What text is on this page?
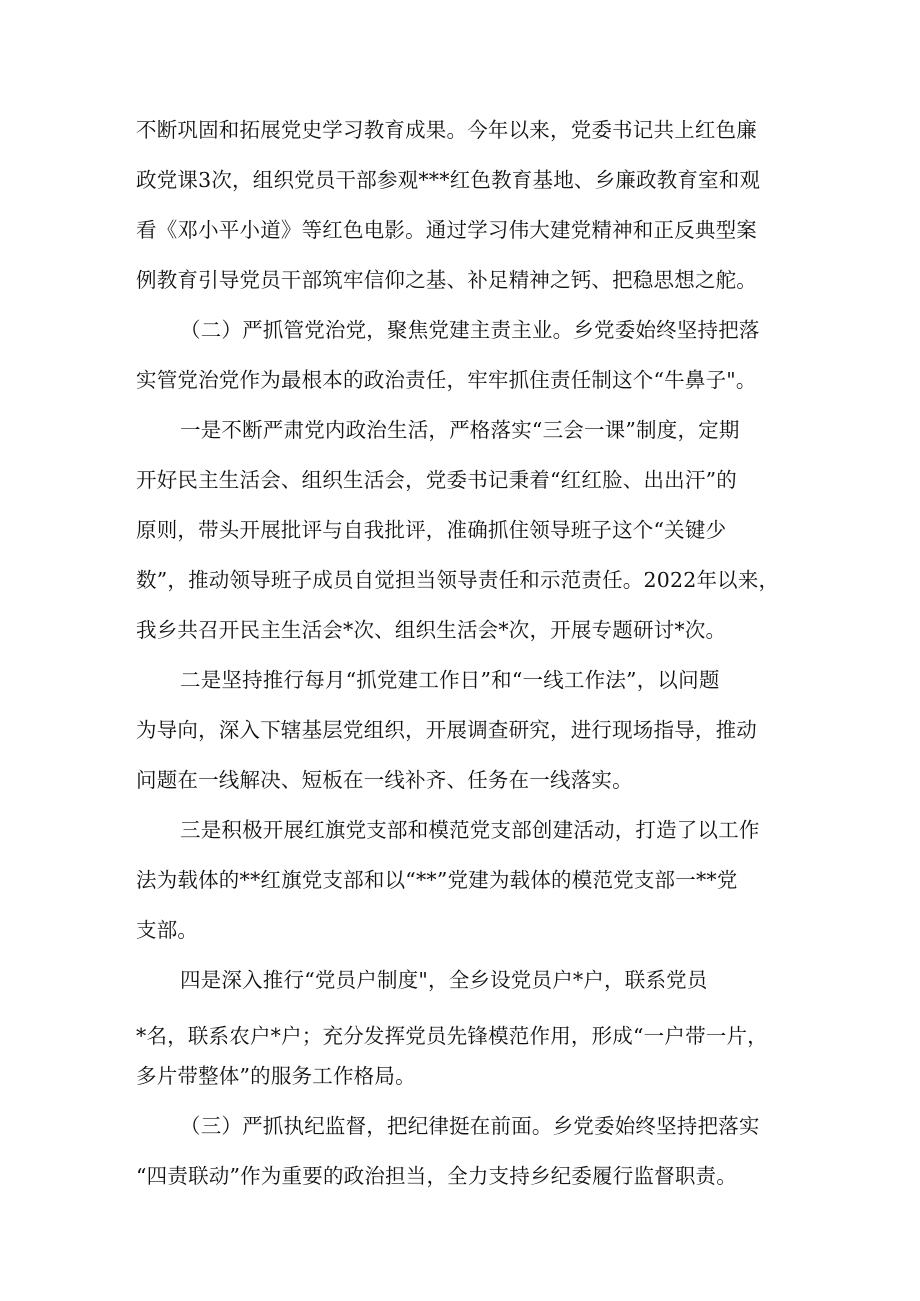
不断巩固和拓展党史学习教育成果。今年以来，党委书记共上红色廉
政党课3次，组织党员干部参观***红色教育基地、乡廉政教育室和观
看《邓小平小道》等红色电影。通过学习伟大建党精神和正反典型案
例教育引导党员干部筑牢信仰之基、补足精神之钙、把稳思想之舵。
（二）严抓管党治党，聚焦党建主责主业。乡党委始终坚持把落
实管党治党作为最根本的政治责任，牢牢抓住责任制这个“牛鼻子"。
一是不断严肃党内政治生活，严格落实“三会一课”制度，定期
开好民主生活会、组织生活会，党委书记秉着“红红脸、出出汗”的
原则，带头开展批评与自我批评，准确抓住领导班子这个“关键少
数”，推动领导班子成员自觉担当领导责任和示范责任。2022年以来，
我乡共召开民主生活会*次、组织生活会*次，开展专题研讨*次。
二是坚持推行每月“抓党建工作日”和“一线工作法”，以问题
为导向，深入下辖基层党组织，开展调查研究，进行现场指导，推动
问题在一线解决、短板在一线补齐、任务在一线落实。
三是积极开展红旗党支部和模范党支部创建活动，打造了以工作
法为载体的**红旗党支部和以“**”党建为载体的模范党支部一**党
支部。
四是深入推行“党员户制度"，全乡设党员户*户，联系党员
*名，联系农户*户；充分发挥党员先锋模范作用，形成“一户带一片，
多片带整体”的服务工作格局。
（三）严抓执纪监督，把纪律挺在前面。乡党委始终坚持把落实
“四责联动”作为重要的政治担当，全力支持乡纪委履行监督职责。
